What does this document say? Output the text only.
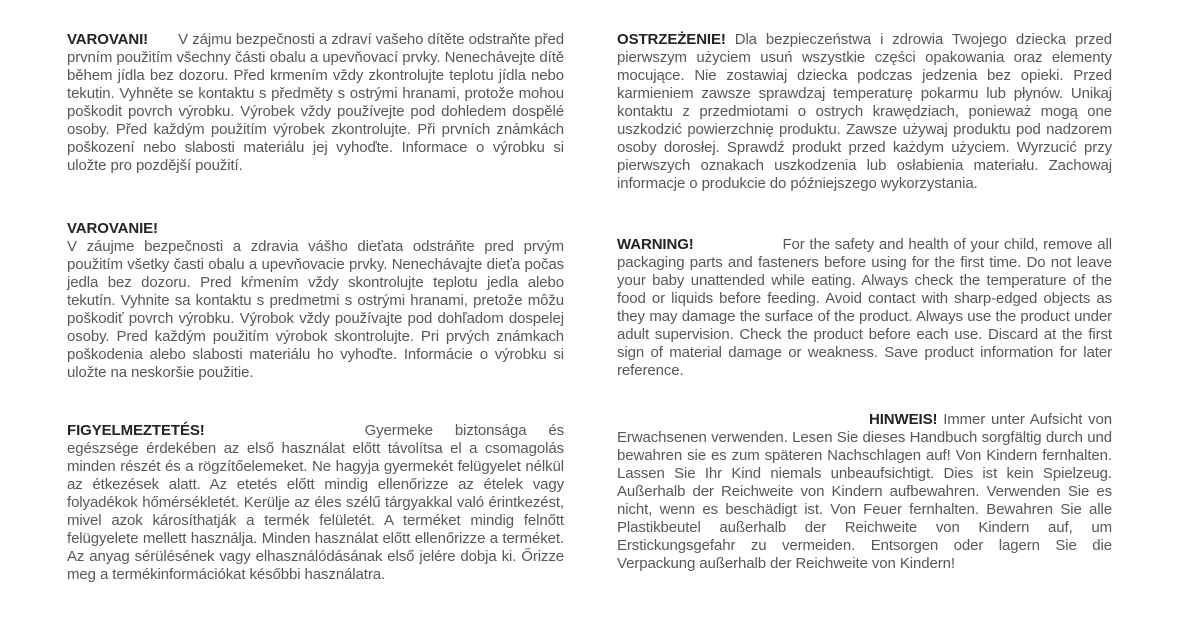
VAROVANI! V zájmu bezpečnosti a zdraví vašeho dítěte odstraňte před prvním použitím všechny části obalu a upevňovací prvky. Nenechávejte dítě během jídla bez dozoru. Před krmením vždy zkontrolujte teplotu jídla nebo tekutin. Vyhněte se kontaktu s předměty s ostrými hranami, protože mohou poškodit povrch výrobku. Výrobek vždy používejte pod dohledem dospělé osoby. Před každým použitím výrobek zkontrolujte. Při prvních známkách poškození nebo slabosti materiálu jej vyhoďte. Informace o výrobku si uložte pro pozdější použití.

VAROVANIE!
V záujme bezpečnosti a zdravia vášho dieťata odstráňte pred prvým použitím všetky časti obalu a upevňovacie prvky. Nenechávajte dieťa počas jedla bez dozoru. Pred kŕmením vždy skontrolujte teplotu jedla alebo tekutín. Vyhnite sa kontaktu s predmetmi s ostrými hranami, pretože môžu poškodiť povrch výrobku. Výrobok vždy používajte pod dohľadom dospelej osoby. Pred každým použitím výrobok skontrolujte. Pri prvých známkach poškodenia alebo slabosti materiálu ho vyhoďte. Informácie o výrobku si uložte na neskoršie použitie.

FIGYELMEZTETÉS!	Gyermeke biztonsága és egészsége érdekében az első használat előtt távolítsa el a csomagolás minden részét és a rögzítőelemeket. Ne hagyja gyermekét felügyelet nélkül az étkezések alatt. Az etetés előtt mindig ellenőrizze az ételek vagy folyadékok hőmérsékletét. Kerülje az éles szélű tárgyakkal való érintkezést, mivel azok károsíthatják a termék felületét. A terméket mindig felnőtt felügyelete mellett használja. Minden használat előtt ellenőrizze a terméket. Az anyag sérülésének vagy elhasználódásának első jelére dobja ki. Őrizze meg a termékinformációkat későbbi használatra.

OSTRZEŻENIE! Dla bezpieczeństwa i zdrowia Twojego dziecka przed pierwszym użyciem usuń wszystkie części opakowania oraz elementy mocujące. Nie zostawiaj dziecka podczas jedzenia bez opieki. Przed karmieniem zawsze sprawdzaj temperaturę pokarmu lub płynów. Unikaj kontaktu z przedmiotami o ostrych krawędziach, ponieważ mogą one uszkodzić powierzchnię produktu. Zawsze używaj produktu pod nadzorem osoby dorosłej. Sprawdź produkt przed każdym użyciem. Wyrzucić przy pierwszych oznakach uszkodzenia lub osłabienia materiału. Zachowaj informacje o produkcie do późniejszego wykorzystania.

WARNING!	For the safety and health of your child, remove all packaging parts and fasteners before using for the first time. Do not leave your baby unattended while eating. Always check the temperature of the food or liquids before feeding. Avoid contact with sharp-edged objects as they may damage the surface of the product. Always use the product under adult supervision. Check the product before each use. Discard at the first sign of material damage or weakness. Save product information for later reference.

HINWEIS! Immer unter Aufsicht von Erwachsenen verwenden. Lesen Sie dieses Handbuch sorgfältig durch und bewahren sie es zum späteren Nachschlagen auf! Von Kindern fernhalten. Lassen Sie Ihr Kind niemals unbeaufsichtigt. Dies ist kein Spielzeug. Außerhalb der Reichweite von Kindern aufbewahren. Verwenden Sie es nicht, wenn es beschädigt ist. Von Feuer fernhalten. Bewahren Sie alle Plastikbeutel außerhalb der Reichweite von Kindern auf, um Erstickungsgefahr zu vermeiden. Entsorgen oder lagern Sie die Verpackung außerhalb der Reichweite von Kindern!
